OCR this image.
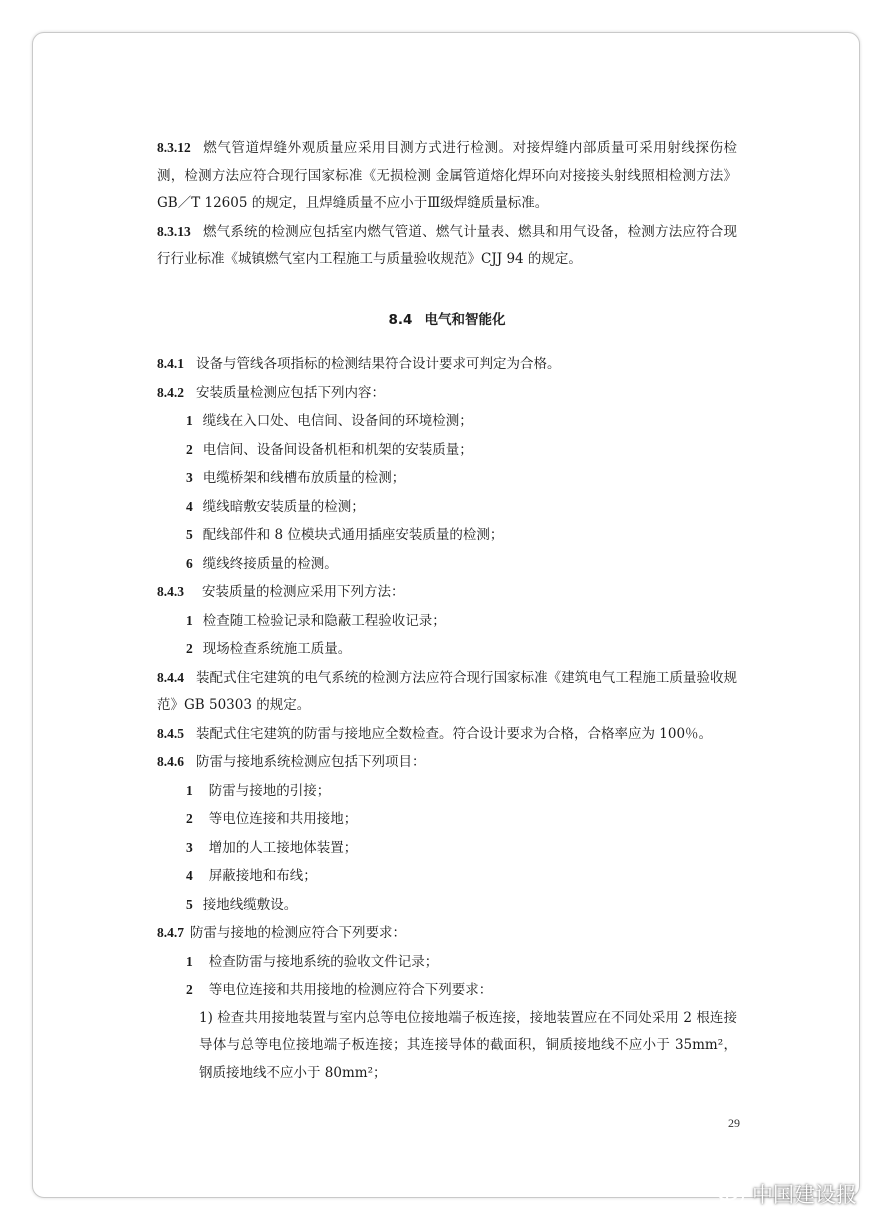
8.3.12 燃气管道焊缝外观质量应采用目测方式进行检测。对接焊缝内部质量可采用射线探伤检测，检测方法应符合现行国家标准《无损检测 金属管道熔化焊环向对接接头射线照相检测方法》GB／T 12605 的规定，且焊缝质量不应小于Ⅲ级焊缝质量标准。

8.3.13 燃气系统的检测应包括室内燃气管道、燃气计量表、燃具和用气设备，检测方法应符合现行行业标准《城镇燃气室内工程施工与质量验收规范》CJJ 94 的规定。

8.4 电气和智能化

8.4.1 设备与管线各项指标的检测结果符合设计要求可判定为合格。

8.4.2 安装质量检测应包括下列内容：

1 缆线在入口处、电信间、设备间的环境检测；

2 电信间、设备间设备机柜和机架的安装质量；

3 电缆桥架和线槽布放质量的检测；

4 缆线暗敷安装质量的检测；

5 配线部件和 8 位模块式通用插座安装质量的检测；

6 缆线终接质量的检测。

8.4.3 安装质量的检测应采用下列方法：

1 检查随工检验记录和隐蔽工程验收记录；

2 现场检查系统施工质量。

8.4.4 装配式住宅建筑的电气系统的检测方法应符合现行国家标准《建筑电气工程施工质量验收规范》GB 50303 的规定。

8.4.5 装配式住宅建筑的防雷与接地应全数检查。符合设计要求为合格，合格率应为 100％。

8.4.6 防雷与接地系统检测应包括下列项目：

1 防雷与接地的引接；

2 等电位连接和共用接地；

3 增加的人工接地体装置；

4 屏蔽接地和布线；

5 接地线缆敷设。

8.4.7 防雷与接地的检测应符合下列要求：

1 检查防雷与接地系统的验收文件记录；

2 等电位连接和共用接地的检测应符合下列要求：

1) 检查共用接地装置与室内总等电位接地端子板连接，接地装置应在不同处采用 2 根连接导体与总等电位接地端子板连接；其连接导体的截面积，铜质接地线不应小于 35mm²，钢质接地线不应小于 80mm²；

29
中国建设报
